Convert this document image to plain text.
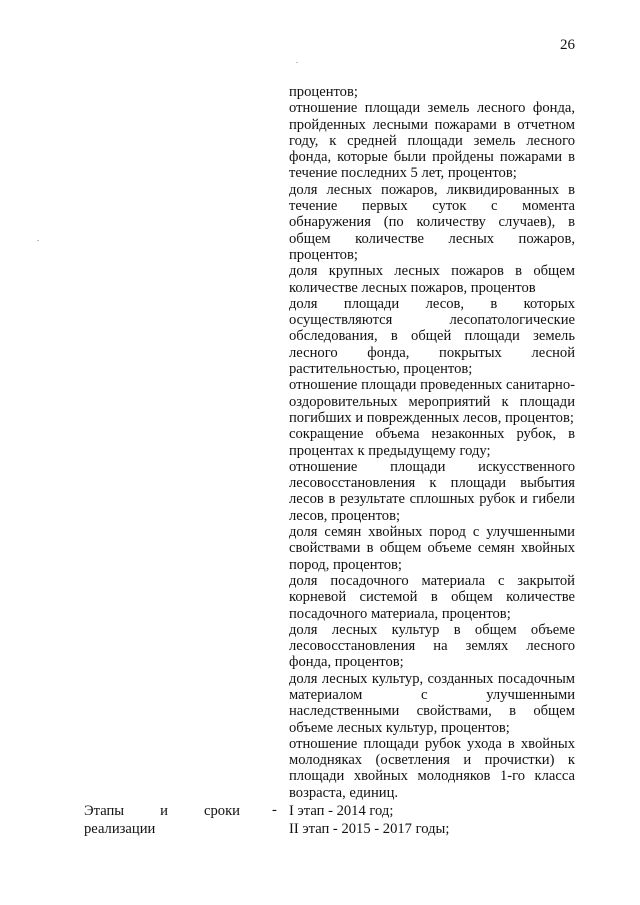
26

процентов;

отношение площади земель лесного фонда, пройденных лесными пожарами в отчетном году, к средней площади земель лесного фонда, которые были пройдены пожарами в течение последних 5 лет, процентов;

доля лесных пожаров, ликвидированных в течение первых суток с момента обнаружения (по количеству случаев), в общем количестве лесных пожаров, процентов;

доля крупных лесных пожаров в общем количестве лесных пожаров, процентов

доля площади лесов, в которых осуществляются лесопатологические обследования, в общей площади земель лесного фонда, покрытых лесной растительностью, процентов;

отношение площади проведенных санитарно-оздоровительных мероприятий к площади погибших и поврежденных лесов, процентов;

сокращение объема незаконных рубок, в процентах к предыдущему году;

отношение площади искусственного лесовосстановления к площади выбытия лесов в результате сплошных рубок и гибели лесов, процентов;

доля семян хвойных пород с улучшенными свойствами в общем объеме семян хвойных пород, процентов;

доля посадочного материала с закрытой корневой системой в общем количестве посадочного материала, процентов;

доля лесных культур в общем объеме лесовосстановления на землях лесного фонда, процентов;

доля лесных культур, созданных посадочным материалом с улучшенными наследственными свойствами, в общем объеме лесных культур, процентов;

отношение площади рубок ухода в хвойных молодняках (осветления и прочистки) к площади хвойных молодняков 1-го класса возраста, единиц.

Этапы и сроки
реализации
- I этап - 2014 год;

II этап - 2015 - 2017 годы;
